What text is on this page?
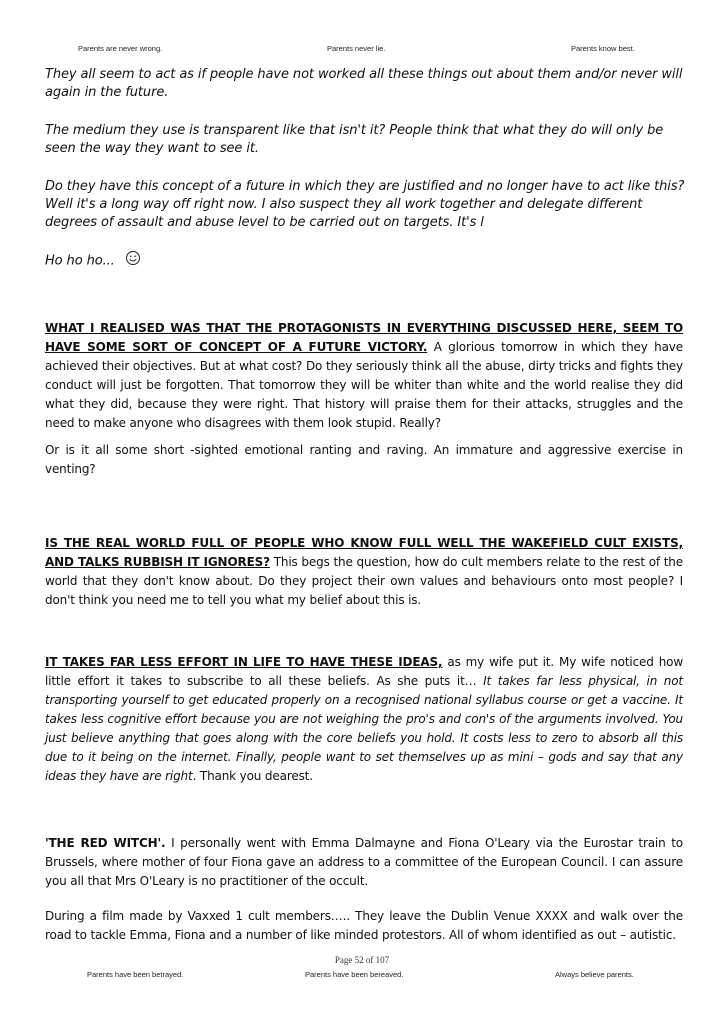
Parents are never wrong.	Parents never lie.	Parents know best.
They all seem to act as if people have not worked all these things out about them and/or never will again in the future.
The medium they use is transparent like that isn't it? People think that what they do will only be seen the way they want to see it.
Do they have this concept of a future in which they are justified and no longer have to act like this? Well it's a long way off right now. I also suspect they all work together and delegate different degrees of assault and abuse level to be carried out on targets. It's l
Ho ho ho...
WHAT I REALISED WAS THAT THE PROTAGONISTS IN EVERYTHING DISCUSSED HERE, SEEM TO HAVE SOME SORT OF CONCEPT OF A FUTURE VICTORY. A glorious tomorrow in which they have achieved their objectives. But at what cost? Do they seriously think all the abuse, dirty tricks and fights they conduct will just be forgotten. That tomorrow they will be whiter than white and the world realise they did what they did, because they were right. That history will praise them for their attacks, struggles and the need to make anyone who disagrees with them look stupid. Really?
Or is it all some short -sighted emotional ranting and raving. An immature and aggressive exercise in venting?
IS THE REAL WORLD FULL OF PEOPLE WHO KNOW FULL WELL THE WAKEFIELD CULT EXISTS, AND TALKS RUBBISH IT IGNORES? This begs the question, how do cult members relate to the rest of the world that they don't know about. Do they project their own values and behaviours onto most people? I don't think you need me to tell you what my belief about this is.
IT TAKES FAR LESS EFFORT IN LIFE TO HAVE THESE IDEAS, as my wife put it. My wife noticed how little effort it takes to subscribe to all these beliefs. As she puts it… It takes far less physical, in not transporting yourself to get educated properly on a recognised national syllabus course or get a vaccine. It takes less cognitive effort because you are not weighing the pro's and con's of the arguments involved. You just believe anything that goes along with the core beliefs you hold. It costs less to zero to absorb all this due to it being on the internet. Finally, people want to set themselves up as mini – gods and say that any ideas they have are right. Thank you dearest.
'THE RED WITCH'. I personally went with Emma Dalmayne and Fiona O'Leary via the Eurostar train to Brussels, where mother of four Fiona gave an address to a committee of the European Council. I can assure you all that Mrs O'Leary is no practitioner of the occult.
During a film made by Vaxxed 1 cult members….. They leave the Dublin Venue XXXX and walk over the road to tackle Emma, Fiona and a number of like minded protestors. All of whom identified as out – autistic.
Page 52 of 107
Parents have been betrayed.	Parents have been bereaved.	Always believe parents.
